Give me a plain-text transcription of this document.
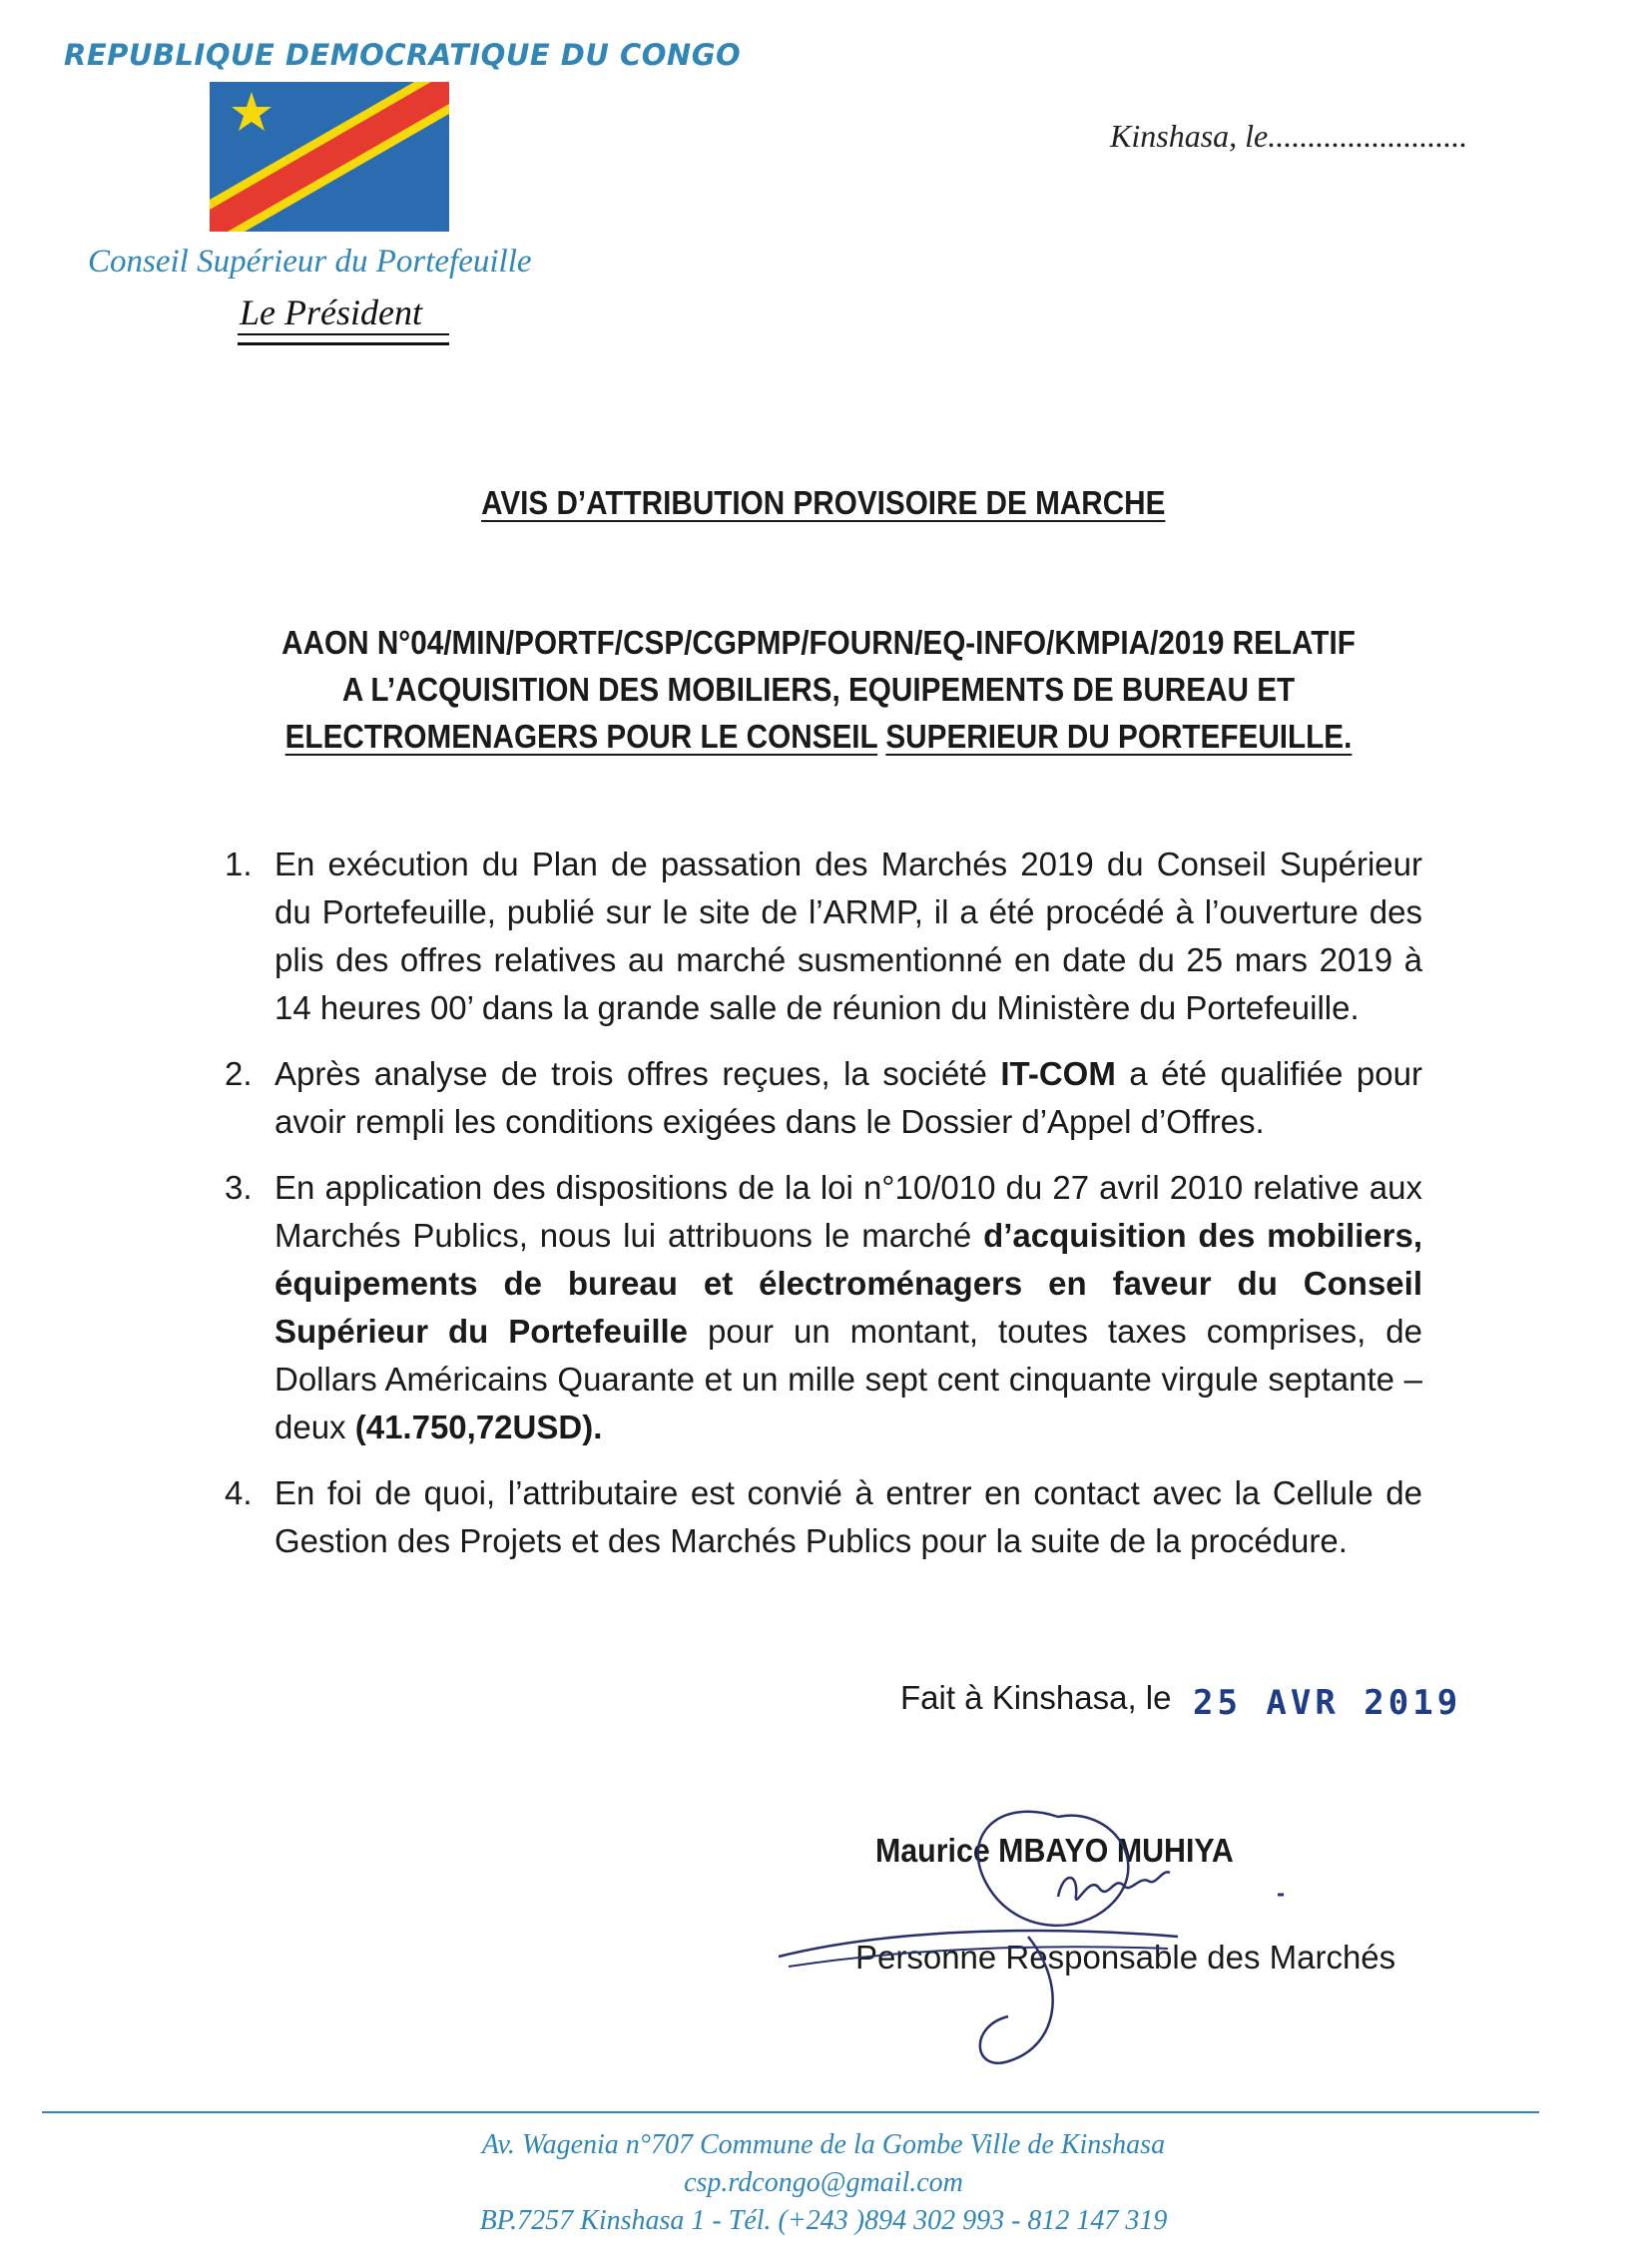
REPUBLIQUE DEMOCRATIQUE DU CONGO
Conseil Supérieur du Portefeuille
Le Président
Kinshasa, le.........................
AVIS D’ATTRIBUTION PROVISOIRE DE MARCHE
AAON N°04/MIN/PORTF/CSP/CGPMP/FOURN/EQ-INFO/KMPIA/2019 RELATIF
A L’ACQUISITION DES MOBILIERS, EQUIPEMENTS DE BUREAU ET
ELECTROMENAGERS POUR LE CONSEIL SUPERIEUR DU PORTEFEUILLE.
1. En exécution du Plan de passation des Marchés 2019 du Conseil Supérieur du Portefeuille, publié sur le site de l’ARMP, il a été procédé à l’ouverture des plis des offres relatives au marché susmentionné en date du 25 mars 2019 à 14 heures 00’ dans la grande salle de réunion du Ministère du Portefeuille.
2. Après analyse de trois offres reçues, la société IT-COM a été qualifiée pour avoir rempli les conditions exigées dans le Dossier d’Appel d’Offres.
3. En application des dispositions de la loi n°10/010 du 27 avril 2010 relative aux Marchés Publics, nous lui attribuons le marché d’acquisition des mobiliers, équipements de bureau et électroménagers en faveur du Conseil Supérieur du Portefeuille pour un montant, toutes taxes comprises, de Dollars Américains Quarante et un mille sept cent cinquante virgule septante – deux (41.750,72USD).
4. En foi de quoi, l’attributaire est convié à entrer en contact avec la Cellule de Gestion des Projets et des Marchés Publics pour la suite de la procédure.
Fait à Kinshasa, le 25 AVR 2019
Maurice MBAYO MUHIYA
Personne Responsable des Marchés
Av. Wagenia n°707 Commune de la Gombe Ville de Kinshasa
csp.rdcongo@gmail.com
BP.7257 Kinshasa 1 - Tél. (+243 )894 302 993 - 812 147 319
